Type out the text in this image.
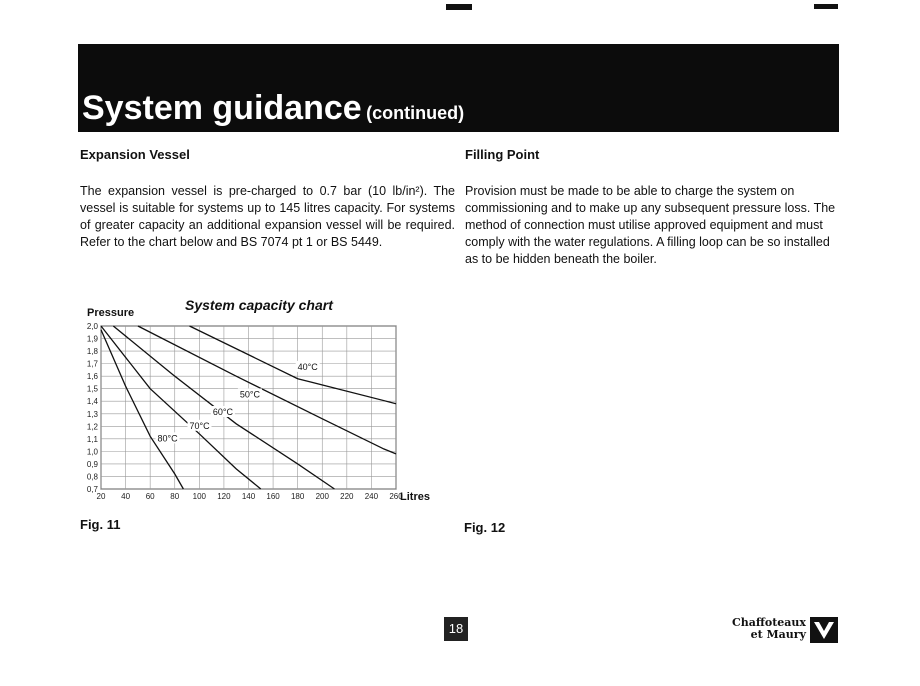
System guidance (continued)
Expansion Vessel
The expansion vessel is pre-charged to 0.7 bar (10 lb/in²). The vessel is suitable for systems up to 145 litres capacity. For systems of greater capacity an additional expansion vessel will be required. Refer to the chart below and BS 7074 pt 1 or BS 5449.
Filling Point
Provision must be made to be able to charge the system on commissioning and to make up any subsequent pressure loss. The method of connection must utilise approved equipment and must comply with the water regulations. A filling loop can be so installed as to be hidden beneath the boiler.
System capacity chart
20 40 60 80 100 120 140 160 180 200 220 240 260
0,7
0,8
0,9
1,0
1,1
1,2
1,3
1,4
1,5
1,6
1,7
1,8
1,9
2,0
Pressure
Litres
40°C
50°C
60°C
70°C
80°C
Fig. 11	Fig. 12
18	Chaffoteaux
et Maury
